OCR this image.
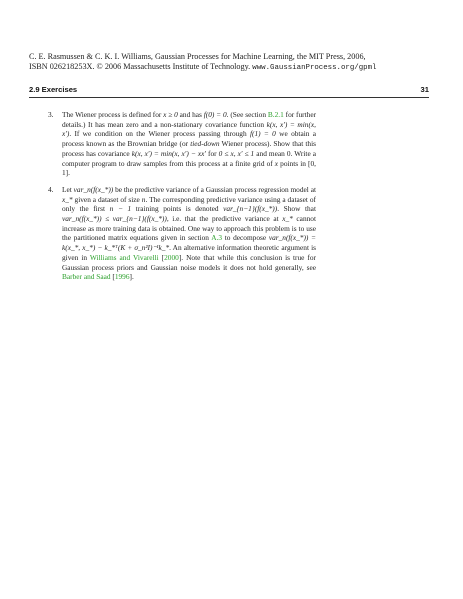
C. E. Rasmussen & C. K. I. Williams, Gaussian Processes for Machine Learning, the MIT Press, 2006,
ISBN 026218253X. © 2006 Massachusetts Institute of Technology. www.GaussianProcess.org/gpml
2.9 Exercises	31
3. The Wiener process is defined for x ≥ 0 and has f(0) = 0. (See section B.2.1 for further details.) It has mean zero and a non-stationary covariance function k(x, x′) = min(x, x′). If we condition on the Wiener process passing through f(1) = 0 we obtain a process known as the Brownian bridge (or tied-down Wiener process). Show that this process has covariance k(x, x′) = min(x, x′) − xx′ for 0 ≤ x, x′ ≤ 1 and mean 0. Write a computer program to draw samples from this process at a finite grid of x points in [0, 1].
4. Let var_n(f(x_*)) be the predictive variance of a Gaussian process regression model at x_* given a dataset of size n. The corresponding predictive variance using a dataset of only the first n − 1 training points is denoted var_{n−1}(f(x_*)). Show that var_n(f(x_*)) ≤ var_{n−1}(f(x_*)), i.e. that the predictive variance at x_* cannot increase as more training data is obtained. One way to approach this problem is to use the partitioned matrix equations given in section A.3 to decompose var_n(f(x_*)) = k(x_*, x_*) − k_*ᵀ(K + σ_n²I)⁻¹k_*. An alternative information theoretic argument is given in Williams and Vivarelli [2000]. Note that while this conclusion is true for Gaussian process priors and Gaussian noise models it does not hold generally, see Barber and Saad [1996].
